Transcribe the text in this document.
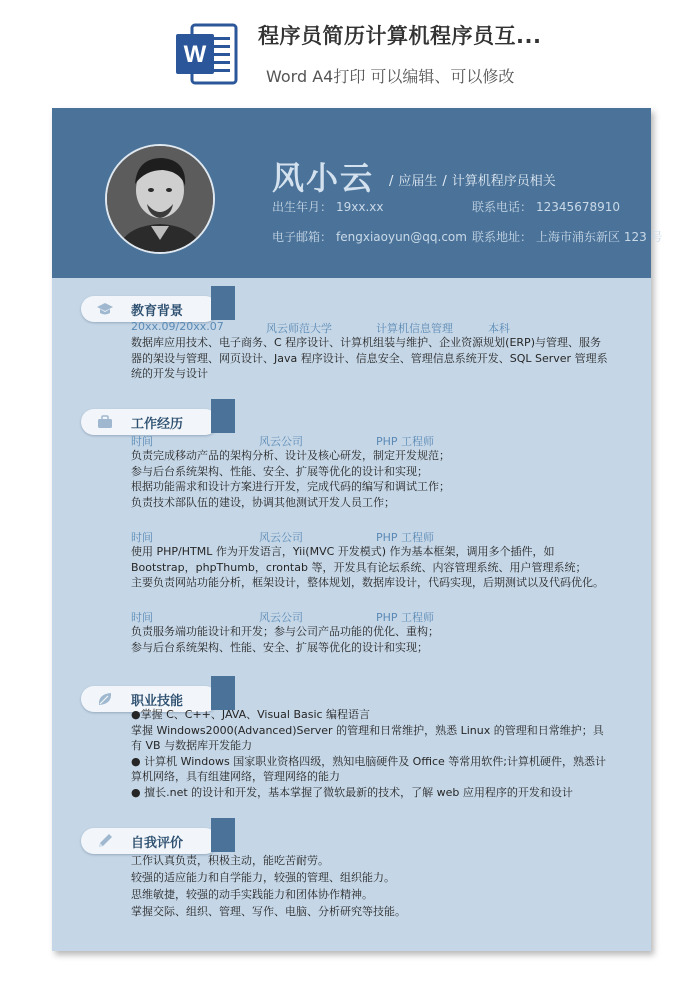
W
程序员简历计算机程序员互...
Word A4打印 可以编辑、可以修改
风小云	/ 应届生 / 计算机程序员相关
出生年月： 19xx.xx	联系电话： 12345678910
电子邮箱： fengxiaoyun@qq.com 联系地址： 上海市浦东新区 123 号
教育背景
20xx.09/20xx.07	风云师范大学	计算机信息管理	本科
数据库应用技术、电子商务、C 程序设计、计算机组装与维护、企业资源规划(ERP)与管理、服务
器的架设与管理、网页设计、Java 程序设计、信息安全、管理信息系统开发、SQL Server 管理系
统的开发与设计
工作经历
时间	风云公司	PHP 工程师
负责完成移动产品的架构分析、设计及核心研发，制定开发规范；
参与后台系统架构、性能、安全、扩展等优化的设计和实现；
根据功能需求和设计方案进行开发，完成代码的编写和调试工作；
负责技术部队伍的建设，协调其他测试开发人员工作；
时间	风云公司	PHP 工程师
使用 PHP/HTML 作为开发语言，Yii(MVC 开发模式) 作为基本框架，调用多个插件，如
Bootstrap，phpThumb，crontab 等，开发具有论坛系统、内容管理系统、用户管理系统；
主要负责网站功能分析，框架设计，整体规划，数据库设计，代码实现，后期测试以及代码优化。
时间	风云公司	PHP 工程师
负责服务端功能设计和开发；参与公司产品功能的优化、重构；
参与后台系统架构、性能、安全、扩展等优化的设计和实现；
职业技能
●掌握 C、C++、JAVA、Visual Basic 编程语言
掌握 Windows2000(Advanced)Server 的管理和日常维护，熟悉 Linux 的管理和日常维护；具
有 VB 与数据库开发能力
● 计算机 Windows 国家职业资格四级，熟知电脑硬件及 Office 等常用软件;计算机硬件，熟悉计
算机网络，具有组建网络，管理网络的能力
● 擅长.net 的设计和开发，基本掌握了微软最新的技术，了解 web 应用程序的开发和设计
自我评价
工作认真负责，积极主动，能吃苦耐劳。
较强的适应能力和自学能力，较强的管理、组织能力。
思维敏捷，较强的动手实践能力和团体协作精神。
掌握交际、组织、管理、写作、电脑、分析研究等技能。
